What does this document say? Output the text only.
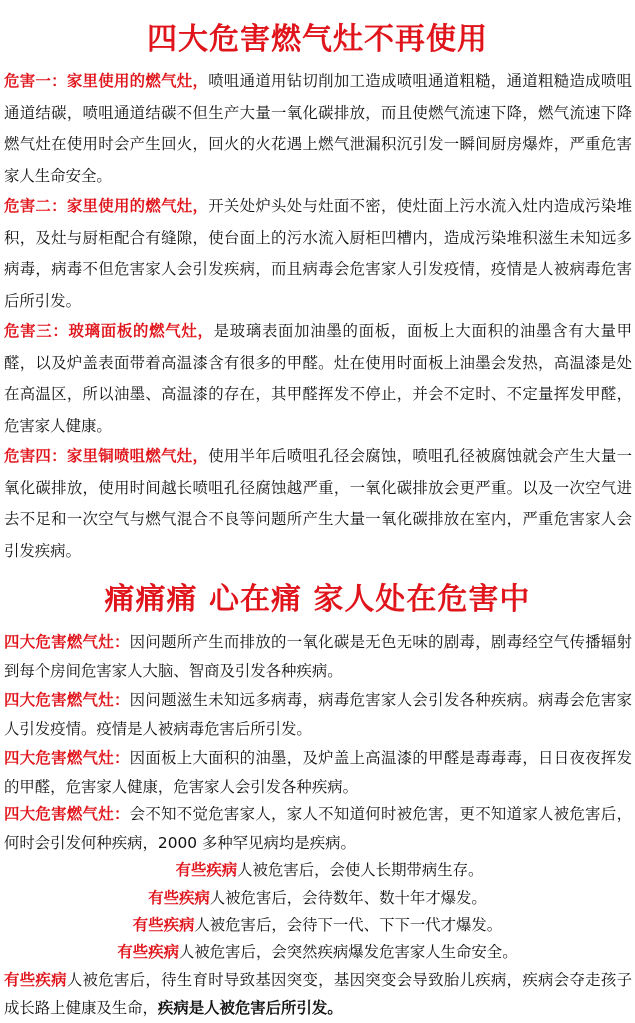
四大危害燃气灶不再使用
危害一：家里使用的燃气灶，喷咀通道用钻切削加工造成喷咀通道粗糙，通道粗糙造成喷咀通道结碳，喷咀通道结碳不但生产大量一氧化碳排放，而且使燃气流速下降，燃气流速下降燃气灶在使用时会产生回火，回火的火花遇上燃气泄漏积沉引发一瞬间厨房爆炸，严重危害家人生命安全。
危害二：家里使用的燃气灶，开关处炉头处与灶面不密，使灶面上污水流入灶内造成污染堆积，及灶与厨柜配合有缝隙，使台面上的污水流入厨柜凹槽内，造成污染堆积滋生未知远多病毒，病毒不但危害家人会引发疾病，而且病毒会危害家人引发疫情，疫情是人被病毒危害后所引发。
危害三：玻璃面板的燃气灶，是玻璃表面加油墨的面板，面板上大面积的油墨含有大量甲醛，以及炉盖表面带着高温漆含有很多的甲醛。灶在使用时面板上油墨会发热，高温漆是处在高温区，所以油墨、高温漆的存在，其甲醛挥发不停止，并会不定时、不定量挥发甲醛，危害家人健康。
危害四：家里铜喷咀燃气灶，使用半年后喷咀孔径会腐蚀，喷咀孔径被腐蚀就会产生大量一氧化碳排放，使用时间越长喷咀孔径腐蚀越严重，一氧化碳排放会更严重。以及一次空气进去不足和一次空气与燃气混合不良等问题所产生大量一氧化碳排放在室内，严重危害家人会引发疾病。
痛痛痛 心在痛 家人处在危害中
四大危害燃气灶：因问题所产生而排放的一氧化碳是无色无味的剧毒，剧毒经空气传播辐射到每个房间危害家人大脑、智商及引发各种疾病。
四大危害燃气灶：因问题滋生未知远多病毒，病毒危害家人会引发各种疾病。病毒会危害家人引发疫情。疫情是人被病毒危害后所引发。
四大危害燃气灶：因面板上大面积的油墨，及炉盖上高温漆的甲醛是毒毒毒，日日夜夜挥发的甲醛，危害家人健康，危害家人会引发各种疾病。
四大危害燃气灶：会不知不觉危害家人，家人不知道何时被危害，更不知道家人被危害后，何时会引发何种疾病，2000 多种罕见病均是疾病。
有些疾病人被危害后，会使人长期带病生存。
有些疾病人被危害后，会待数年、数十年才爆发。
有些疾病人被危害后，会待下一代、下下一代才爆发。
有些疾病人被危害后，会突然疾病爆发危害家人生命安全。
有些疾病人被危害后，待生育时导致基因突变，基因突变会导致胎儿疾病，疾病会夺走孩子成长路上健康及生命，疾病是人被危害后所引发。
